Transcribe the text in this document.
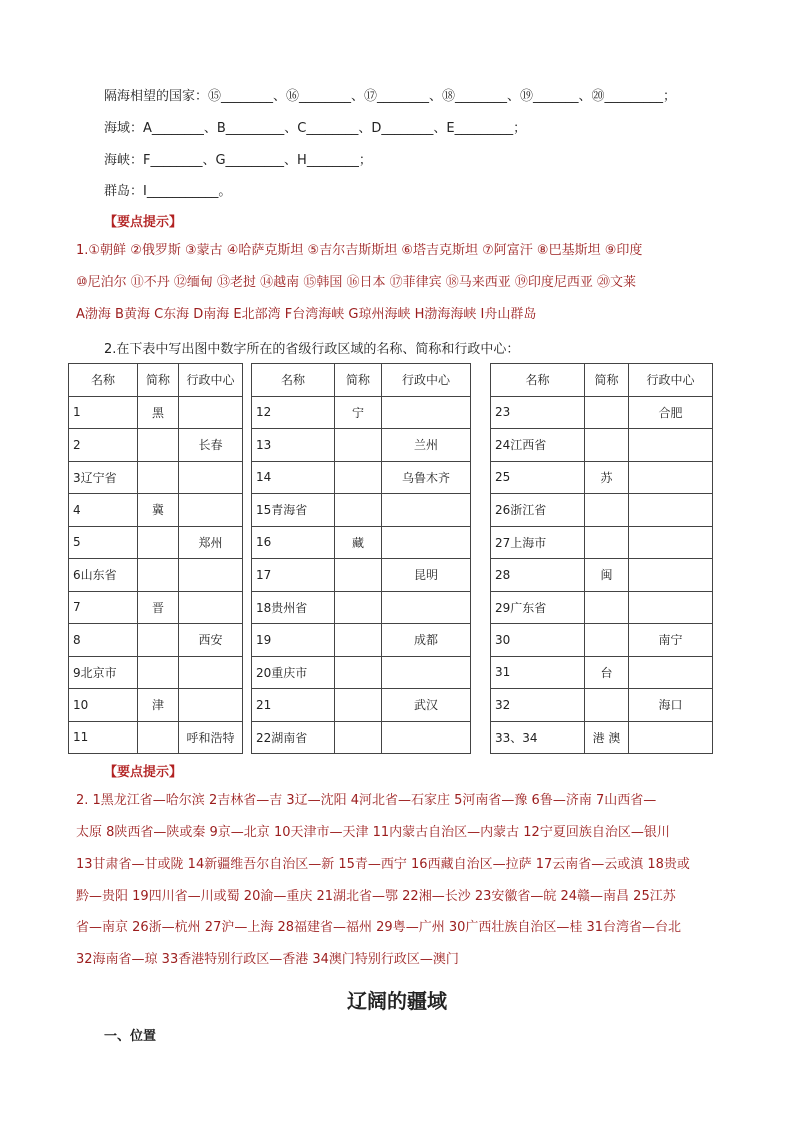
隔海相望的国家：⑮________、⑯________、⑰________、⑱________、⑲_______、⑳_________；
海域：A________、B_________、C________、D________、E_________；
海峡：F________、G_________、H________；
群岛：I___________。
【要点提示】
1.①朝鲜 ②俄罗斯 ③蒙古 ④哈萨克斯坦 ⑤吉尔吉斯斯坦 ⑥塔吉克斯坦 ⑦阿富汗 ⑧巴基斯坦 ⑨印度
⑩尼泊尔 ⑪不丹 ⑫缅甸 ⑬老挝 ⑭越南 ⑮韩国 ⑯日本 ⑰菲律宾 ⑱马来西亚 ⑲印度尼西亚 ⑳文莱
A渤海 B黄海 C东海 D南海 E北部湾 F台湾海峡 G琼州海峡 H渤海海峡 I舟山群岛
2.在下表中写出图中数字所在的省级行政区域的名称、简称和行政中心：
名称	简称	行政中心
1	黑	
2		长春
3辽宁省		
4	冀	
5		郑州
6山东省		
7	晋	
8		西安
9北京市		
10	津	
11		呼和浩特
名称	简称	行政中心
12	宁	
13		兰州
14		乌鲁木齐
15青海省		
16	藏	
17		昆明
18贵州省		
19		成都
20重庆市		
21		武汉
22湖南省		
名称	简称	行政中心
23		合肥
24江西省		
25	苏	
26浙江省		
27上海市		
28	闽	
29广东省		
30		南宁
31	台	
32		海口
33、34	港 澳	
【要点提示】
2. 1黑龙江省—哈尔滨 2吉林省—吉 3辽—沈阳 4河北省—石家庄 5河南省—豫 6鲁—济南 7山西省—
太原 8陕西省—陕或秦 9京—北京 10天津市—天津 11内蒙古自治区—内蒙古 12宁夏回族自治区—银川
13甘肃省—甘或陇 14新疆维吾尔自治区—新 15青—西宁 16西藏自治区—拉萨 17云南省—云或滇 18贵或
黔—贵阳 19四川省—川或蜀 20渝—重庆 21湖北省—鄂 22湘—长沙 23安徽省—皖 24赣—南昌 25江苏
省—南京 26浙—杭州 27沪—上海 28福建省—福州 29粤—广州 30广西壮族自治区—桂 31台湾省—台北
32海南省—琼 33香港特别行政区—香港 34澳门特别行政区—澳门
辽阔的疆域
一、位置
